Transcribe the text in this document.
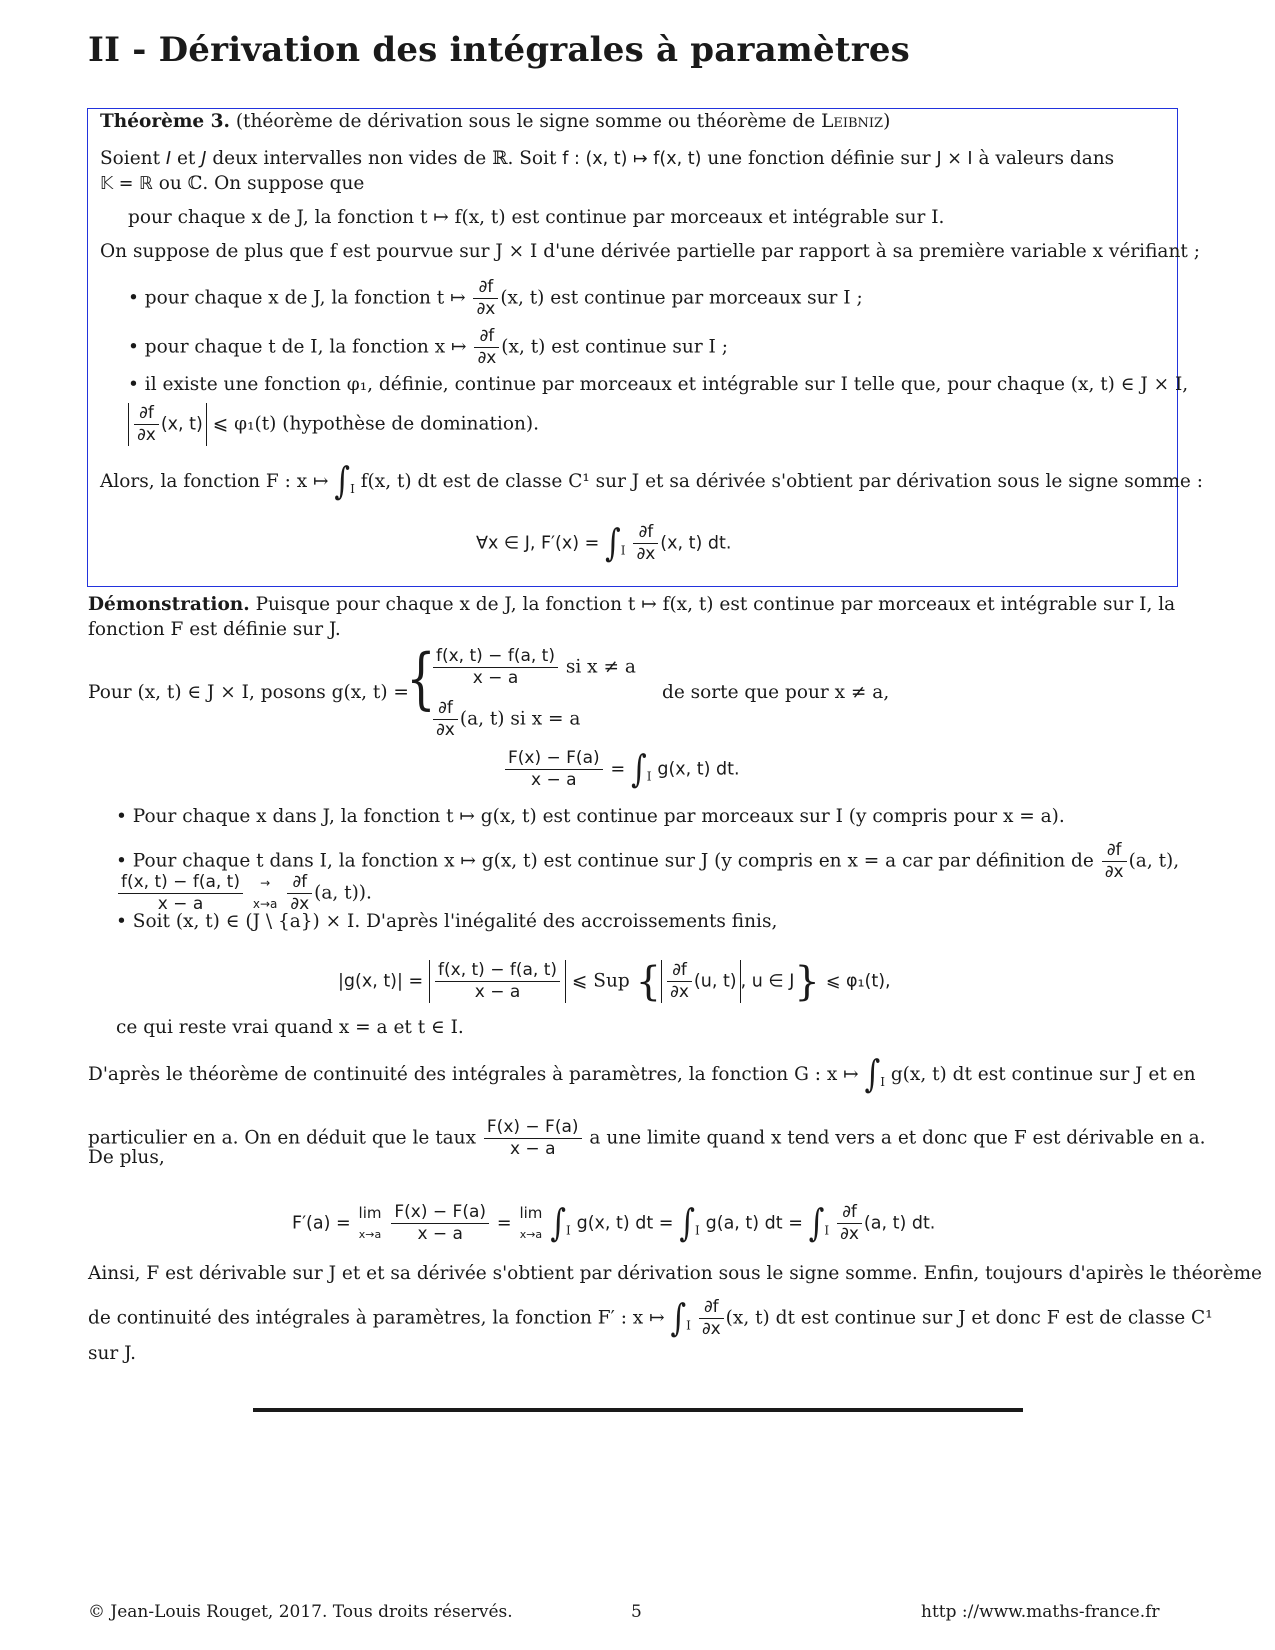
II - Dérivation des intégrales à paramètres

Théorème 3. (théorème de dérivation sous le signe somme ou théorème de Leibniz)

Soient I et J deux intervalles non vides de ℝ. Soit f : (x, t) ↦ f(x, t) une fonction définie sur J × I à valeurs dans

𝕂 = ℝ ou ℂ. On suppose que

pour chaque x de J, la fonction t ↦ f(x, t) est continue par morceaux et intégrable sur I.

On suppose de plus que f est pourvue sur J × I d'une dérivée partielle par rapport à sa première variable x vérifiant ;

• pour chaque x de J, la fonction t ↦ $\frac{\partial f}{\partial x} (x$, t) est continue par morceaux sur I ;

• pour chaque t de I, la fonction x ↦ $\frac{\partial f}{\partial x} (x$, t) est continue sur I ;

• il existe une fonction φ₁, définie, continue par morceaux et intégrable sur I telle que, pour chaque (x, t) ∈ J × I,

$\frac{\partial f}{\partial x} (x$, t) ⩽ φ₁(t) (hypothèse de domination).

Alors, la fonction F : x ↦ $\int_I$ f(x, t) dt est de classe C¹ sur J et sa dérivée s'obtient par dérivation sous le signe somme :

∀x ∈ J, $F'(x) = \int_I \frac{\partial f}{\partial x} (x$, t) dt.

Démonstration. Puisque pour chaque x de J, la fonction t ↦ f(x, t) est continue par morceaux et intégrable sur I, la

fonction F est définie sur J.

Pour (x, t) ∈ J × I, posons g(x, t) =

{

$\frac{f(x, t) - f(a, t)}{x - a}$ si x ≠ a

$\frac{\partial f}{\partial x} (a$, t) si x = a

de sorte que pour x ≠ a,

$\frac{F(x) - F(a)}{x - a} = \int_I$ g(x, t) dt.

• Pour chaque x dans J, la fonction t ↦ g(x, t) est continue par morceaux sur I (y compris pour x = a).

• Pour chaque t dans I, la fonction x ↦ g(x, t) est continue sur J (y compris en x = a car par définition de $\frac{\partial f}{\partial x} (a$, t),

$\frac{f(x, t) - f(a, t)}{x - a}$
	→
x→a
$\frac{\partial f}{\partial x} (a$, t)).

• Soit (x, t) ∈ (J \ {a}) × I. D'après l'inégalité des accroissements finis,

|g(x, $t)| = \frac{f(x, t) - f(a, t)}{x - a}$ ⩽ Sup { $\frac{\partial f}{\partial x} (u$, t) , u ∈ J} ⩽ φ₁(t),

ce qui reste vrai quand x = a et t ∈ I.

D'après le théorème de continuité des intégrales à paramètres, la fonction G : x ↦ $\int_I$ g(x, t) dt est continue sur J et en

particulier en a. On en déduit que le taux $\frac{F(x) - F(a)}{x - a}$ a une limite quand x tend vers a et donc que F est dérivable en a.

De plus,

F′(a) =
lim
x→a
$\frac{F(x) - F(a)}{x - a}$ =
lim
x→a $\int_I$ g(x, t) dt = $\int_I$ g(a, t) dt = $\int_I \frac{\partial f}{\partial x} (a$, t) dt.

Ainsi, F est dérivable sur J et et sa dérivée s'obtient par dérivation sous le signe somme. Enfin, toujours d'apirès le théorème

de continuité des intégrales à paramètres, la fonction F′ : x ↦ $\int_I \frac{\partial f}{\partial x} (x$, t) dt est continue sur J et donc F est de classe C¹

sur J.

© Jean-Louis Rouget, 2017. Tous droits réservés.	5	http ://www.maths-france.fr
